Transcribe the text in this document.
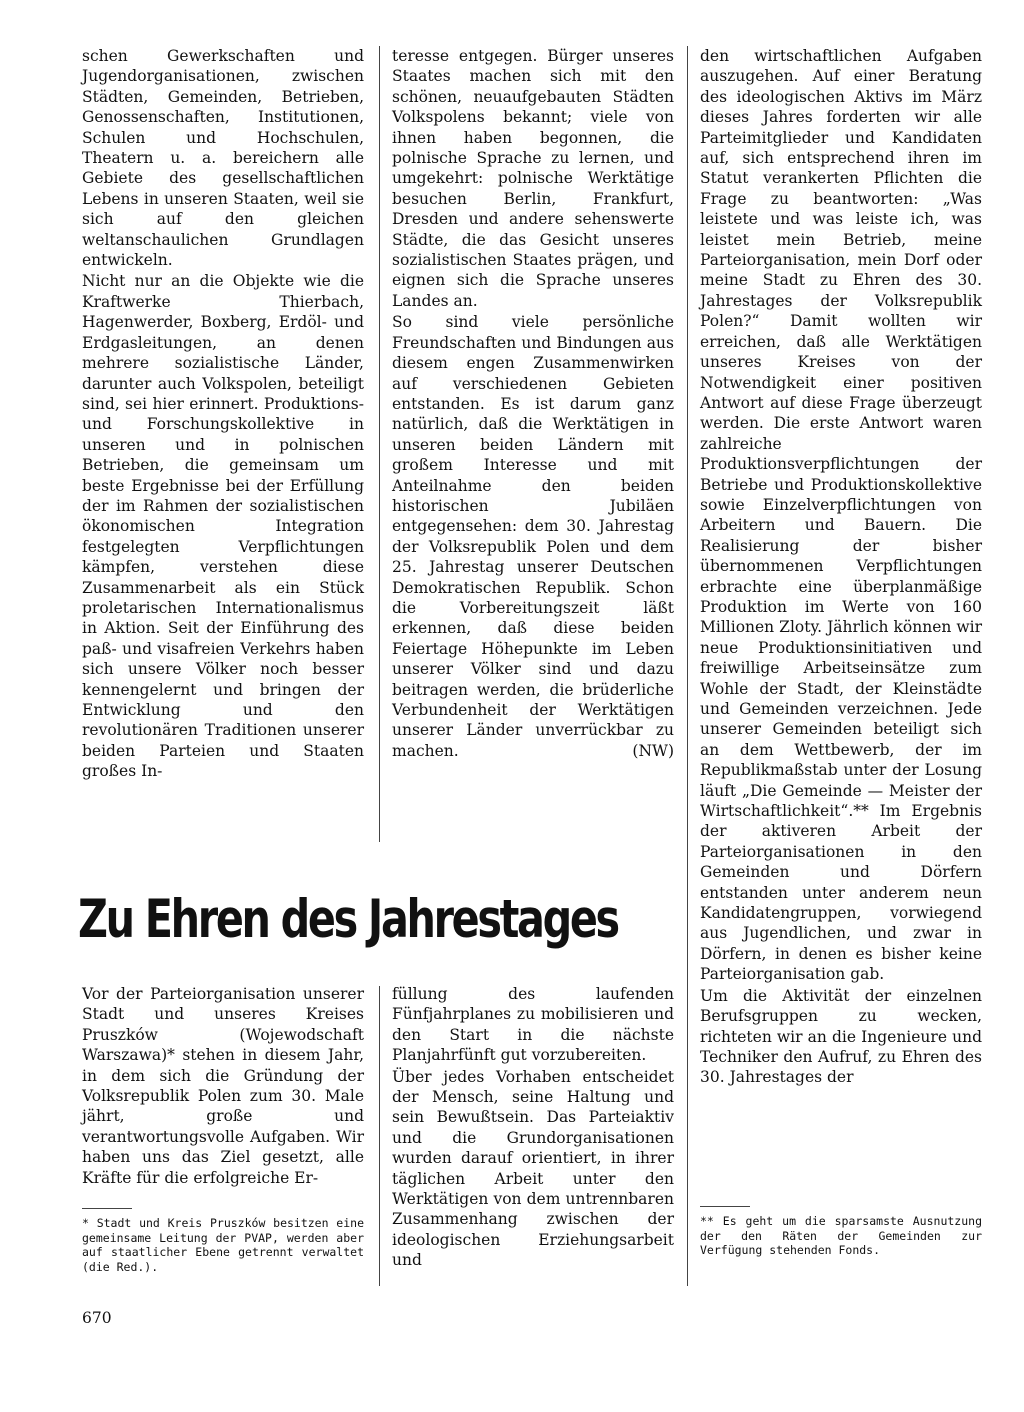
schen Gewerkschaften und Jugendorganisationen, zwischen Städten, Gemeinden, Betrieben, Genossenschaften, Institutionen, Schulen und Hochschulen, Theatern u. a. bereichern alle Gebiete des gesellschaftlichen Lebens in unseren Staaten, weil sie sich auf den gleichen weltanschaulichen Grundlagen entwickeln.

Nicht nur an die Objekte wie die Kraftwerke Thierbach, Hagenwerder, Boxberg, Erdöl- und Erdgasleitungen, an denen mehrere sozialistische Länder, darunter auch Volkspolen, beteiligt sind, sei hier erinnert. Produktions- und Forschungskollektive in unseren und in polnischen Betrieben, die gemeinsam um beste Ergebnisse bei der Erfüllung der im Rahmen der sozialistischen ökonomischen Integration festgelegten Verpflichtungen kämpfen, verstehen diese Zusammenarbeit als ein Stück proletarischen Internationalismus in Aktion. Seit der Einführung des paß- und visafreien Verkehrs haben sich unsere Völker noch besser kennengelernt und bringen der Entwicklung und den revolutionären Traditionen unserer beiden Parteien und Staaten großes In-

teresse entgegen. Bürger unseres Staates machen sich mit den schönen, neuaufgebauten Städten Volkspolens bekannt; viele von ihnen haben begonnen, die polnische Sprache zu lernen, und umgekehrt: polnische Werktätige besuchen Berlin, Frankfurt, Dresden und andere sehenswerte Städte, die das Gesicht unseres sozialistischen Staates prägen, und eignen sich die Sprache unseres Landes an.

So sind viele persönliche Freundschaften und Bindungen aus diesem engen Zusammenwirken auf verschiedenen Gebieten entstanden. Es ist darum ganz natürlich, daß die Werktätigen in unseren beiden Ländern mit großem Interesse und mit Anteilnahme den beiden historischen Jubiläen entgegensehen: dem 30. Jahrestag der Volksrepublik Polen und dem 25. Jahrestag unserer Deutschen Demokratischen Republik. Schon die Vorbereitungszeit läßt erkennen, daß diese beiden Feiertage Höhepunkte im Leben unserer Völker sind und dazu beitragen werden, die brüderliche Verbundenheit der Werktätigen unserer Länder unverrückbar zu machen.	(NW)

Zu Ehren des Jahrestages

Vor der Parteiorganisation unserer Stadt und unseres Kreises Pruszków (Wojewodschaft Warszawa)* stehen in diesem Jahr, in dem sich die Gründung der Volksrepublik Polen zum 30. Male jährt, große und verantwortungsvolle Aufgaben. Wir haben uns das Ziel gesetzt, alle Kräfte für die erfolgreiche Er-

* Stadt und Kreis Pruszków besitzen eine gemeinsame Leitung der PVAP, werden aber auf staatlicher Ebene getrennt verwaltet (die Red.).

füllung des laufenden Fünfjahrplanes zu mobilisieren und den Start in die nächste Planjahrfünft gut vorzubereiten.

Über jedes Vorhaben entscheidet der Mensch, seine Haltung und sein Bewußtsein. Das Parteiaktiv und die Grundorganisationen wurden darauf orientiert, in ihrer täglichen Arbeit unter den Werktätigen von dem untrennbaren Zusammenhang zwischen der ideologischen Erziehungsarbeit und

den wirtschaftlichen Aufgaben auszugehen. Auf einer Beratung des ideologischen Aktivs im März dieses Jahres forderten wir alle Parteimitglieder und Kandidaten auf, sich entsprechend ihren im Statut verankerten Pflichten die Frage zu beantworten: „Was leistete und was leiste ich, was leistet mein Betrieb, meine Parteiorganisation, mein Dorf oder meine Stadt zu Ehren des 30. Jahrestages der Volksrepublik Polen?“ Damit wollten wir erreichen, daß alle Werktätigen unseres Kreises von der Notwendigkeit einer positiven Antwort auf diese Frage überzeugt werden. Die erste Antwort waren zahlreiche Produktionsverpflichtungen der Betriebe und Produktionskollektive sowie Einzelverpflichtungen von Arbeitern und Bauern. Die Realisierung der bisher übernommenen Verpflichtungen erbrachte eine überplanmäßige Produktion im Werte von 160 Millionen Zloty. Jährlich können wir neue Produktionsinitiativen und freiwillige Arbeitseinsätze zum Wohle der Stadt, der Kleinstädte und Gemeinden verzeichnen. Jede unserer Gemeinden beteiligt sich an dem Wettbewerb, der im Republikmaßstab unter der Losung läuft „Die Gemeinde — Meister der Wirtschaftlichkeit“.** Im Ergebnis der aktiveren Arbeit der Parteiorganisationen in den Gemeinden und Dörfern entstanden unter anderem neun Kandidatengruppen, vorwiegend aus Jugendlichen, und zwar in Dörfern, in denen es bisher keine Parteiorganisation gab.

Um die Aktivität der einzelnen Berufsgruppen zu wecken, richteten wir an die Ingenieure und Techniker den Aufruf, zu Ehren des 30. Jahrestages der

** Es geht um die sparsamste Ausnutzung der den Räten der Gemeinden zur Verfügung stehenden Fonds.

670
